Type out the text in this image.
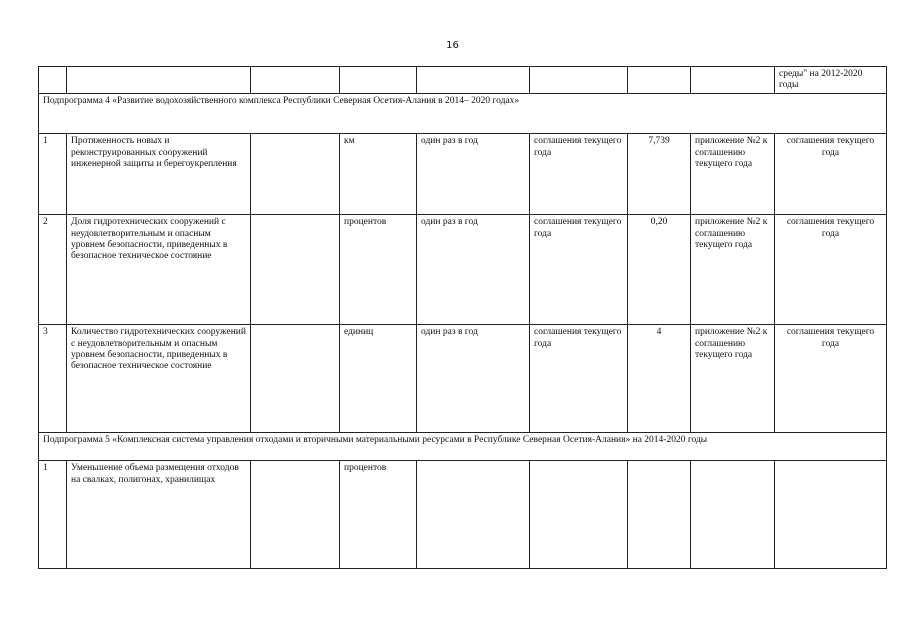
16
								среды" на 2012-2020 годы
Подпрограмма 4 «Развитие водохозяйственного комплекса Республики Северная Осетия-Алания в 2014– 2020 годах»								
1	Протяженность новых и реконструированных сооружений инженерной защиты и берегоукрепления		км	один раз в год	соглашения текущего года	7,739	приложение №2 к соглашению текущего года	соглашения текущего года
2	Доля гидротехнических сооружений с неудовлетворительным и опасным уровнем безопасности, приведенных в безопасное техническое состояние		процентов	один раз в год	соглашения текущего года	0,20	приложение №2 к соглашению текущего года	соглашения текущего года
3	Количество гидротехнических сооружений с неудовлетворительным и опасным уровнем безопасности, приведенных в безопасное техническое состояние		единиц	один раз в год	соглашения текущего года	4	приложение №2 к соглашению текущего года	соглашения текущего года
Подпрограмма 5 «Комплексная система управления отходами и вторичными материальными ресурсами в Республике Северная Осетия-Алания» на 2014-2020 годы								
1	Уменьшение объема размещения отходов на свалках, полигонах, хранилищах		процентов					
